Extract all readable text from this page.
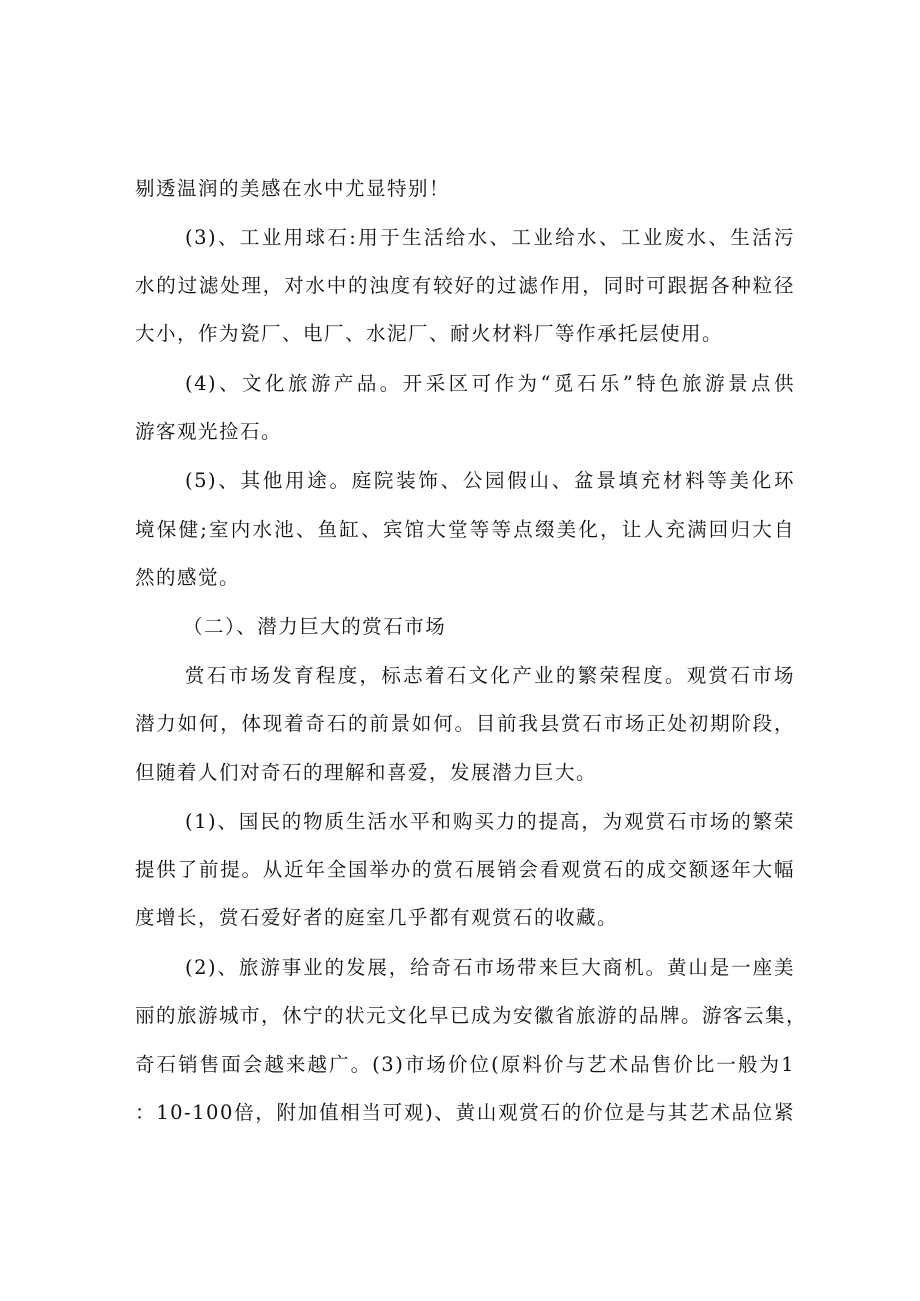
剔透温润的美感在水中尤显特别！
(3)、工业用球石:用于生活给水、工业给水、工业废水、生活污
水的过滤处理，对水中的浊度有较好的过滤作用，同时可跟据各种粒径
大小，作为瓷厂、电厂、水泥厂、耐火材料厂等作承托层使用。
(4)、文化旅游产品。开采区可作为“觅石乐”特色旅游景点供
游客观光捡石。
(5)、其他用途。庭院装饰、公园假山、盆景填充材料等美化环
境保健;室内水池、鱼缸、宾馆大堂等等点缀美化，让人充满回归大自
然的感觉。
（二）、潜力巨大的赏石市场
赏石市场发育程度，标志着石文化产业的繁荣程度。观赏石市场
潜力如何，体现着奇石的前景如何。目前我县赏石市场正处初期阶段，
但随着人们对奇石的理解和喜爱，发展潜力巨大。
(1)、国民的物质生活水平和购买力的提高，为观赏石市场的繁荣
提供了前提。从近年全国举办的赏石展销会看观赏石的成交额逐年大幅
度增长，赏石爱好者的庭室几乎都有观赏石的收藏。
(2)、旅游事业的发展，给奇石市场带来巨大商机。黄山是一座美
丽的旅游城市，休宁的状元文化早已成为安徽省旅游的品牌。游客云集，
奇石销售面会越来越广。(3)市场价位(原料价与艺术品售价比一般为1
：10-100倍，附加值相当可观)、黄山观赏石的价位是与其艺术品位紧
